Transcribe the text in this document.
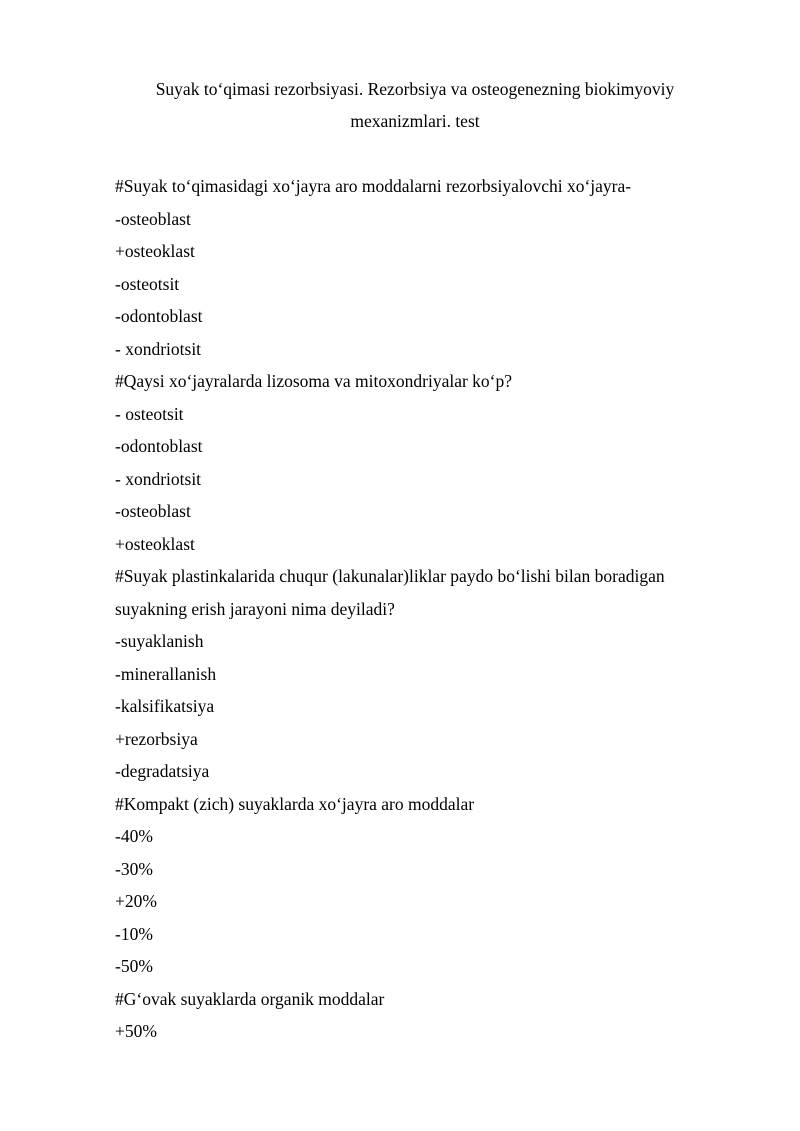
Suyak to‘qimasi rezorbsiyasi. Rezorbsiya va osteogenezning biokimyoviy mexanizmlari. test
#Suyak to‘qimasidagi xo‘jayra aro moddalarni rezorbsiyalovchi xo‘jayra-
-osteoblast
+osteoklast
-osteotsit
-odontoblast
- xondriotsit
#Qaysi xo‘jayralarda lizosoma va mitoxondriyalar ko‘p?
- osteotsit
-odontoblast
- xondriotsit
-osteoblast
+osteoklast
#Suyak plastinkalarida chuqur (lakunalar)liklar paydo bo‘lishi bilan boradigan
suyakning erish jarayoni nima deyiladi?
-suyaklanish
-minerallanish
-kalsifikatsiya
+rezorbsiya
-degradatsiya
#Kompakt (zich) suyaklarda xo‘jayra aro moddalar
-40%
-30%
+20%
-10%
-50%
#G‘ovak suyaklarda organik moddalar
+50%
